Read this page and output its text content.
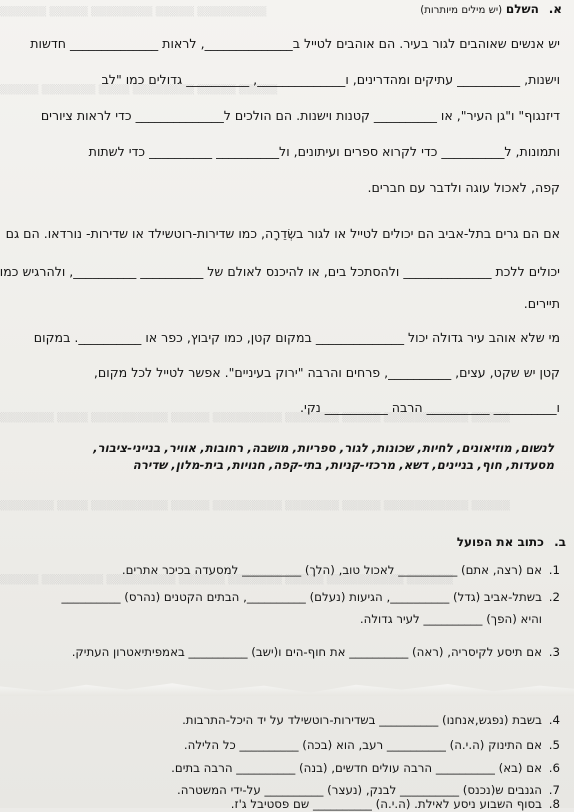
▒▒▒▒▒▒ ▒▒▒▒▒ ▒▒▒▒▒▒▒▒ ▒▒▒▒▒ ▒▒▒▒▒▒▒▒▒
▒▒▒▒▒ ▒▒▒▒▒▒▒ ▒▒▒▒ ▒▒▒▒▒▒▒▒ ▒▒▒▒▒ ▒▒▒▒▒
▒▒▒▒▒▒▒ ▒▒▒▒ ▒▒▒▒▒▒▒▒▒▒ ▒▒▒▒▒ ▒▒▒▒▒▒▒▒▒ ▒▒▒▒▒▒▒ ▒▒▒▒▒ ▒▒▒▒▒▒▒▒▒▒▒ ▒▒▒▒▒
▒▒▒▒▒▒▒ ▒▒▒▒ ▒▒▒▒▒▒▒▒▒▒ ▒▒▒▒▒ ▒▒▒▒▒▒▒▒▒ ▒▒▒▒▒▒▒ ▒▒▒▒▒ ▒▒▒▒▒▒▒▒▒▒▒ ▒▒▒▒▒
▒▒▒▒▒ ▒▒▒▒▒▒▒▒ ▒▒▒▒▒▒▒▒▒ ▒▒▒▒▒▒ ▒▒▒▒▒▒▒ ▒▒▒▒▒ ▒▒▒▒▒▒▒▒▒▒ ▒▒▒▒▒▒
א. השלם (יש מילים מיותרות)
יש אנשים שאוהבים לגור בעיר. הם אוהבים לטייל ב______________, לראות ______________ חדשות
וישנות, __________ עתיקים ומהדרינים, ו______________, __________ גדולים כמו "לב
דיזנגוף" ו"גן העיר", או __________ קטנות וישנות. הם הולכים ל______________ כדי לראות ציורים
ותמונות, ל__________ כדי לקרוא ספרים ועיתונים, ול__________ __________ כדי לשתות
קפה, לאכול עוגה ולדבר עם חברים.
אם הם גרים בתל-אביב הם יכולים לטייל או לגור בשְׂדֵרָה, כמו שדירות-רוטשילד או שדירות- נורדאו. הם גם
יכולים ללכת ______________ ולהסתכל בים, או להיכנס לאולם של __________ __________, ולהרגיש כמו
תיירים.
מי שלא אוהב עיר גדולה יכול ______________ במקום קטן, כמו קיבוץ, כפר או __________. במקום
קטן יש שקט, עצים, __________, פרחים והרבה "ירוק בעיניים". אפשר לטייל לכל מקום,
ו__________ __________ הרבה __________ נקי.
לנשום, מוזיאונים, לחיות, שכונות, לגור, ספריות, מושבה, רחובות, אוויר, בנייני-ציבור,
מסעדות, חוף, בניינים, דשא, מרכזי-קניות, בתי-קפה, חנויות, בית-מלון, שדירה
ב. כתוב את הפועל
1.
אם (רצה, אתם) __________ לאכול טוב, (הלך) __________ למסעדה בכיכר אתרים.
2.
בשתל-אביב (גדל) __________, הגיעות (נעלם) __________, הבתים הקטנים (נהרס) __________
והיא (הפך) __________ לעיר גדולה.
3.
אם תיסע לקיסריה, (ראה) __________ את חוף-הים ו(ישב) __________ באמפיתיאטרון העתיק.
4.
בשבת (נפגש,אנחנו) __________ בשדירות-רוטשילד על יד היכל-התרבות.
5.
אם התינוק (ה.י.ה) __________ רעב, הוא (בכה) __________ כל הלילה.
6.
אם (בא) __________ הרבה עולים חדשים, (בנה) __________ הרבה בתים.
7.
הגנבים ש(נכנס) __________ לבנק, (נעצר) __________ על-ידי המשטרה.
8.
בסוף השבוע ניסע לאילת. (ה.י.ה) __________ שם פסטיבל ג'ז.
